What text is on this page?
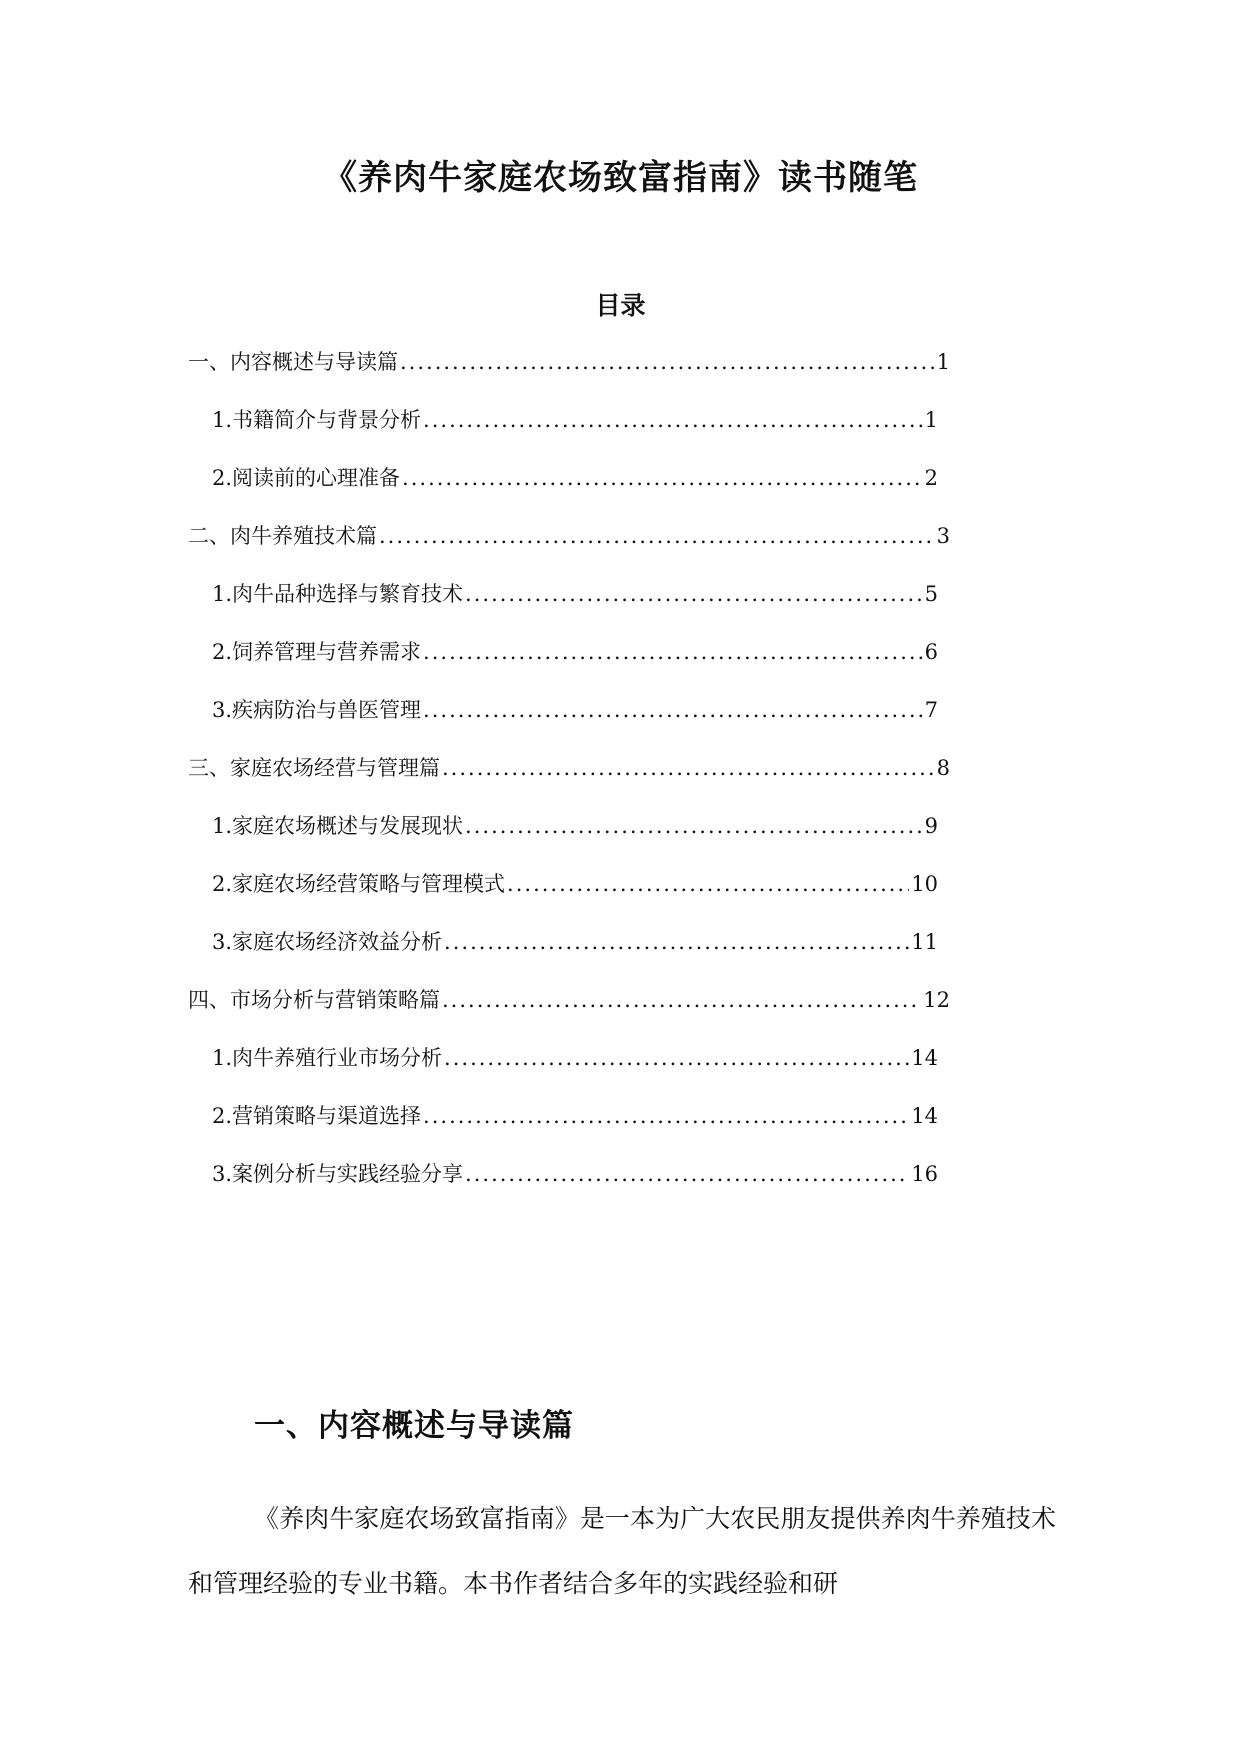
《养肉牛家庭农场致富指南》读书随笔
目录
一、内容概述与导读篇 .....	1
1. 书籍简介与背景分析 .....	1
2. 阅读前的心理准备 .....	2
二、肉牛养殖技术篇 .....	3
1. 肉牛品种选择与繁育技术 .....	5
2. 饲养管理与营养需求 .....	6
3. 疾病防治与兽医管理 .....	7
三、家庭农场经营与管理篇 .....	8
1. 家庭农场概述与发展现状 .....	9
2. 家庭农场经营策略与管理模式 .....	10
3. 家庭农场经济效益分析 .....	11
四、市场分析与营销策略篇 .....	12
1. 肉牛养殖行业市场分析 .....	14
2. 营销策略与渠道选择 .....	14
3. 案例分析与实践经验分享 .....	16
一、内容概述与导读篇

《养肉牛家庭农场致富指南》是一本为广大农民朋友提供养肉牛养殖技术和管理经验的专业书籍。本书作者结合多年的实践经验和研
